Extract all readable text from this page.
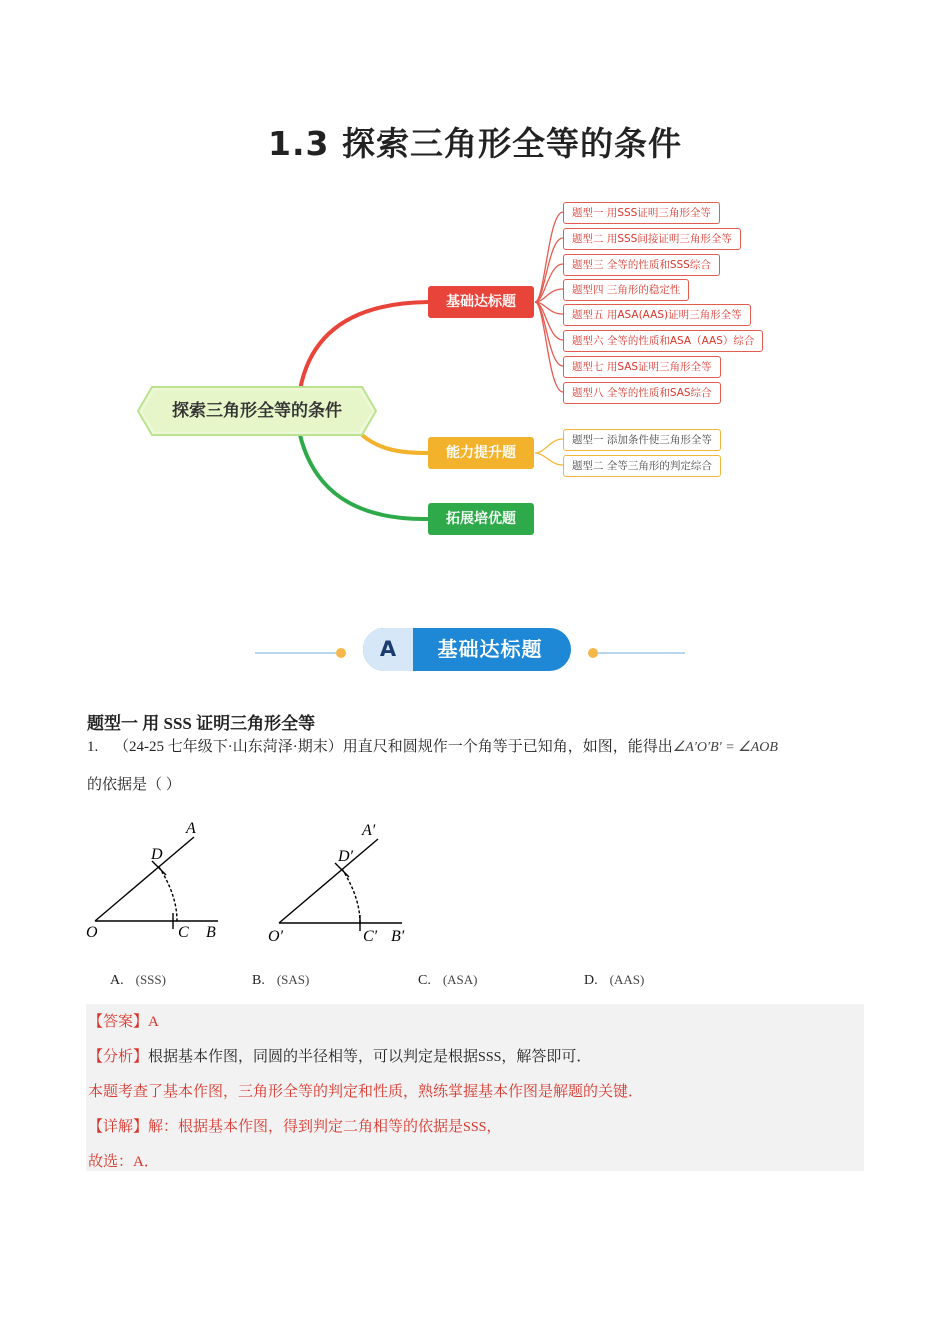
1.3 探索三角形全等的条件
探索三角形全等的条件
基础达标题
能力提升题
拓展培优题
题型一 用SSS证明三角形全等
题型二 用SSS间接证明三角形全等
题型三 全等的性质和SSS综合
题型四 三角形的稳定性
题型五 用ASA(AAS)证明三角形全等
题型六 全等的性质和ASA（AAS）综合
题型七 用SAS证明三角形全等
题型八 全等的性质和SAS综合
题型一 添加条件使三角形全等
题型二 全等三角形的判定综合
A	基础达标题
题型一 用 SSS 证明三角形全等
1. （24-25 七年级下·山东菏泽·期末）用直尺和圆规作一个角等于已知角，如图，能得出∠A′O′B′ = ∠AOB
的依据是（ ）
A
D
O	C B
A′
D′
O′	C′ B′
A. (SSS)	B. (SAS)	C. (ASA)	D. (AAS)
【答案】A
【分析】根据基本作图，同圆的半径相等，可以判定是根据SSS，解答即可．
本题考查了基本作图，三角形全等的判定和性质，熟练掌握基本作图是解题的关键．
【详解】解：根据基本作图，得到判定二角相等的依据是SSS，
故选：A．
